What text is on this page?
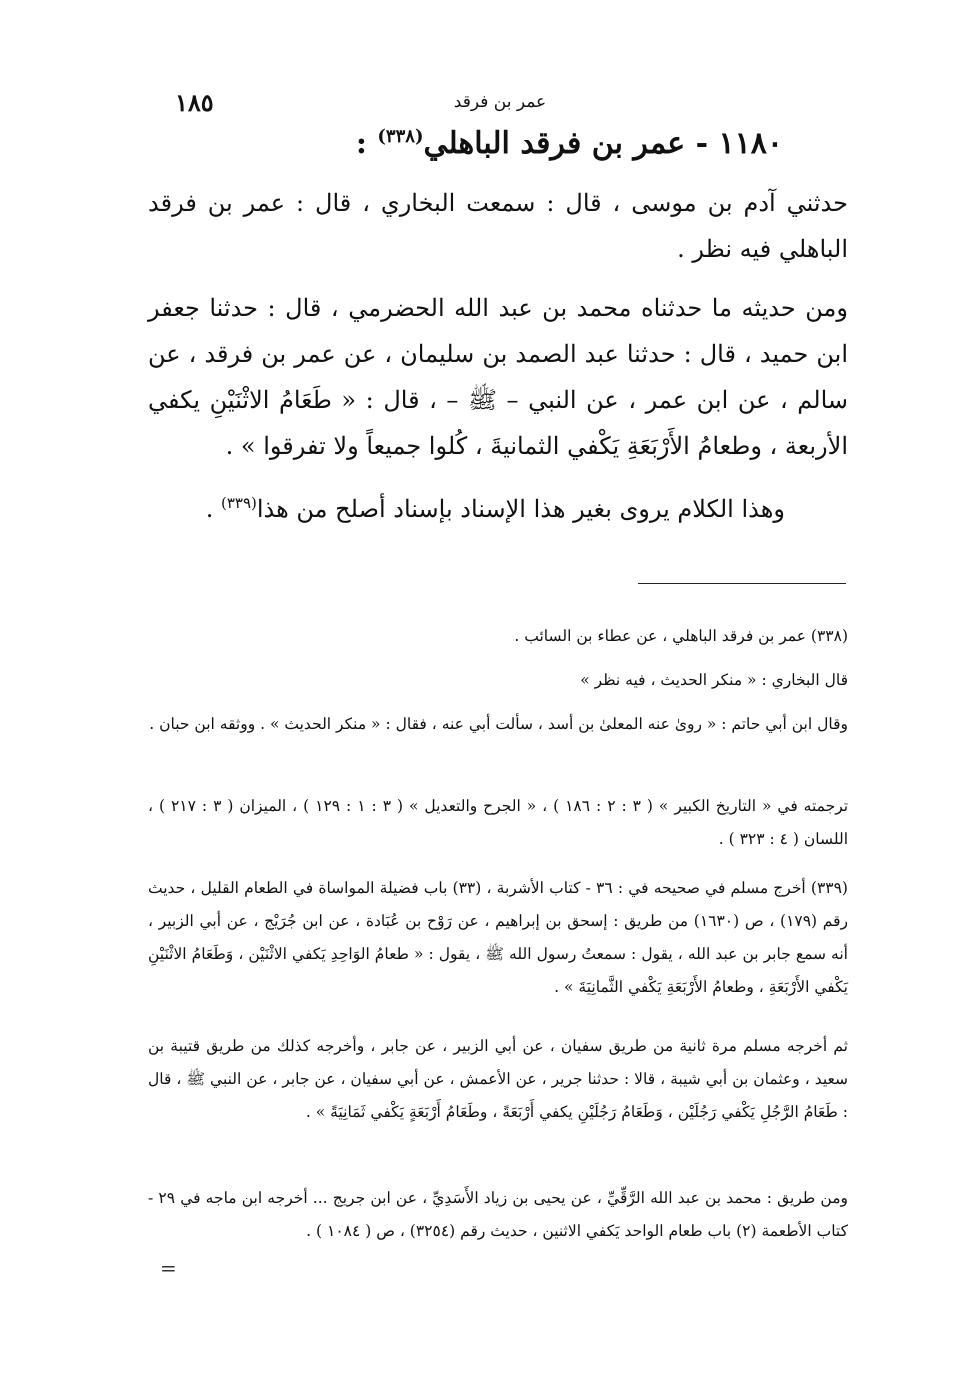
١٨٥	عمر بن فرقد
١١٨٠ - عمر بن فرقد الباهلي$^{(٣٣٨)}$ :
حدثني آدم بن موسى ، قال : سمعت البخاري ، قال : عمر بن فرقد الباهلي فيه نظر .
ومن حديثه ما حدثناه محمد بن عبد الله الحضرمي ، قال : حدثنا جعفر ابن حميد ، قال : حدثنا عبد الصمد بن سليمان ، عن عمر بن فرقد ، عن سالم ، عن ابن عمر ، عن النبي – ﷺ – ، قال : « طَعَامُ الاثْنَيْنِ يكفي الأربعة ، وطعامُ الأَرْبَعَةِ يَكْفي الثمانيةَ ، كُلوا جميعاً ولا تفرقوا » .
وهذا الكلام يروى بغير هذا الإسناد بإسناد أصلح من هذا$^{(٣٣٩)}$ .
(٣٣٨) عمر بن فرقد الباهلي ، عن عطاء بن السائب .
قال البخاري : « منكر الحديث ، فيه نظر »
وقال ابن أبي حاتم : « روىٰ عنه المعلىٰ بن أسد ، سألت أبي عنه ، فقال : « منكر الحديث » . ووثقه ابن حبان .
ترجمته في « التاريخ الكبير » ( ٣ : ٢ : ١٨٦ ) ، « الجرح والتعديل » ( ٣ : ١ : ١٢٩ ) ، الميزان ( ٣ : ٢١٧ ) ، اللسان ( ٤ : ٣٢٣ ) .
(٣٣٩) أخرج مسلم في صحيحه في : ٣٦ - كتاب الأشربة ، (٣٣) باب فضيلة المواساة في الطعام القليل ، حديث رقم (١٧٩) ، ص (١٦٣٠) من طريق : إسحق بن إبراهيم ، عن رَوْح بن عُبَادة ، عن ابن جُرَيْج ، عن أبي الزبير ، أنه سمع جابر بن عبد الله ، يقول : سمعتُ رسول الله ﷺ ، يقول : « طعامُ الوَاحِدِ يَكفي الاثْنَيْن ، وَطَعَامُ الاثْنَيْنِ يَكْفي الأَرْبَعَةِ ، وطعامُ الأَرْبَعَةِ يَكْفي الثَّمانِيَةَ » .
ثم أخرجه مسلم مرة ثانية من طريق سفيان ، عن أبي الزبير ، عن جابر ، وأخرجه كذلك من طريق قتيبة بن سعيد ، وعثمان بن أبي شيبة ، قالا : حدثنا جرير ، عن الأعمش ، عن أبي سفيان ، عن جابر ، عن النبي ﷺ ، قال : طَعَامُ الرَّجُلِ يَكْفي رَجُلَيْن ، وَطَعَامُ رَجُلَيْنِ يكفي أَرْبَعَةً ، وطَعَامُ أَرْبَعَةٍ يَكْفي ثَمَانِيَةً » .
ومن طريق : محمد بن عبد الله الرَّقِّيِّ ، عن يحيى بن زياد الأَسَدِيِّ ، عن ابن جريج ... أخرجه ابن ماجه في ٢٩ - كتاب الأطعمة (٢) باب طعام الواحد يَكفي الاثنين ، حديث رقم (٣٢٥٤) ، ص ( ١٠٨٤ ) .
=
